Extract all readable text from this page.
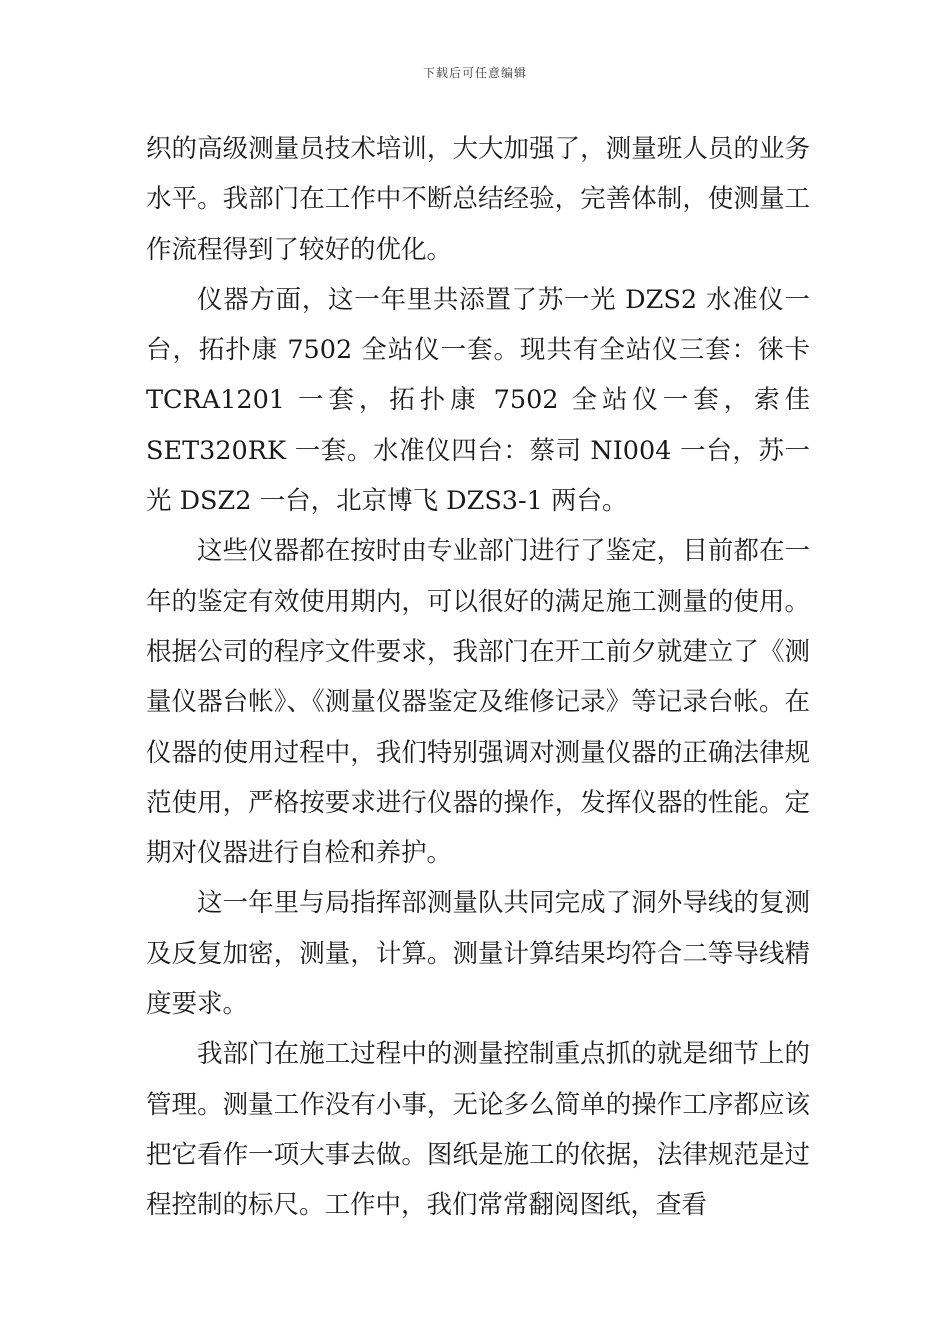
下载后可任意编辑

织的高级测量员技术培训，大大加强了，测量班人员的业务水平。我部门在工作中不断总结经验，完善体制，使测量工作流程得到了较好的优化。

仪器方面，这一年里共添置了苏一光 DZS2 水准仪一台，拓扑康 7502 全站仪一套。现共有全站仪三套：徕卡 TCRA1201 一套，拓扑康 7502 全站仪一套，索佳 SET320RK 一套。水准仪四台：蔡司 NI004 一台，苏一光 DSZ2 一台，北京博飞 DZS3-1 两台。

这些仪器都在按时由专业部门进行了鉴定，目前都在一年的鉴定有效使用期内，可以很好的满足施工测量的使用。根据公司的程序文件要求，我部门在开工前夕就建立了《测量仪器台帐》、《测量仪器鉴定及维修记录》等记录台帐。在仪器的使用过程中，我们特别强调对测量仪器的正确法律规范使用，严格按要求进行仪器的操作，发挥仪器的性能。定期对仪器进行自检和养护。

这一年里与局指挥部测量队共同完成了洞外导线的复测及反复加密，测量，计算。测量计算结果均符合二等导线精度要求。

我部门在施工过程中的测量控制重点抓的就是细节上的管理。测量工作没有小事，无论多么简单的操作工序都应该把它看作一项大事去做。图纸是施工的依据，法律规范是过程控制的标尺。工作中，我们常常翻阅图纸，查看
